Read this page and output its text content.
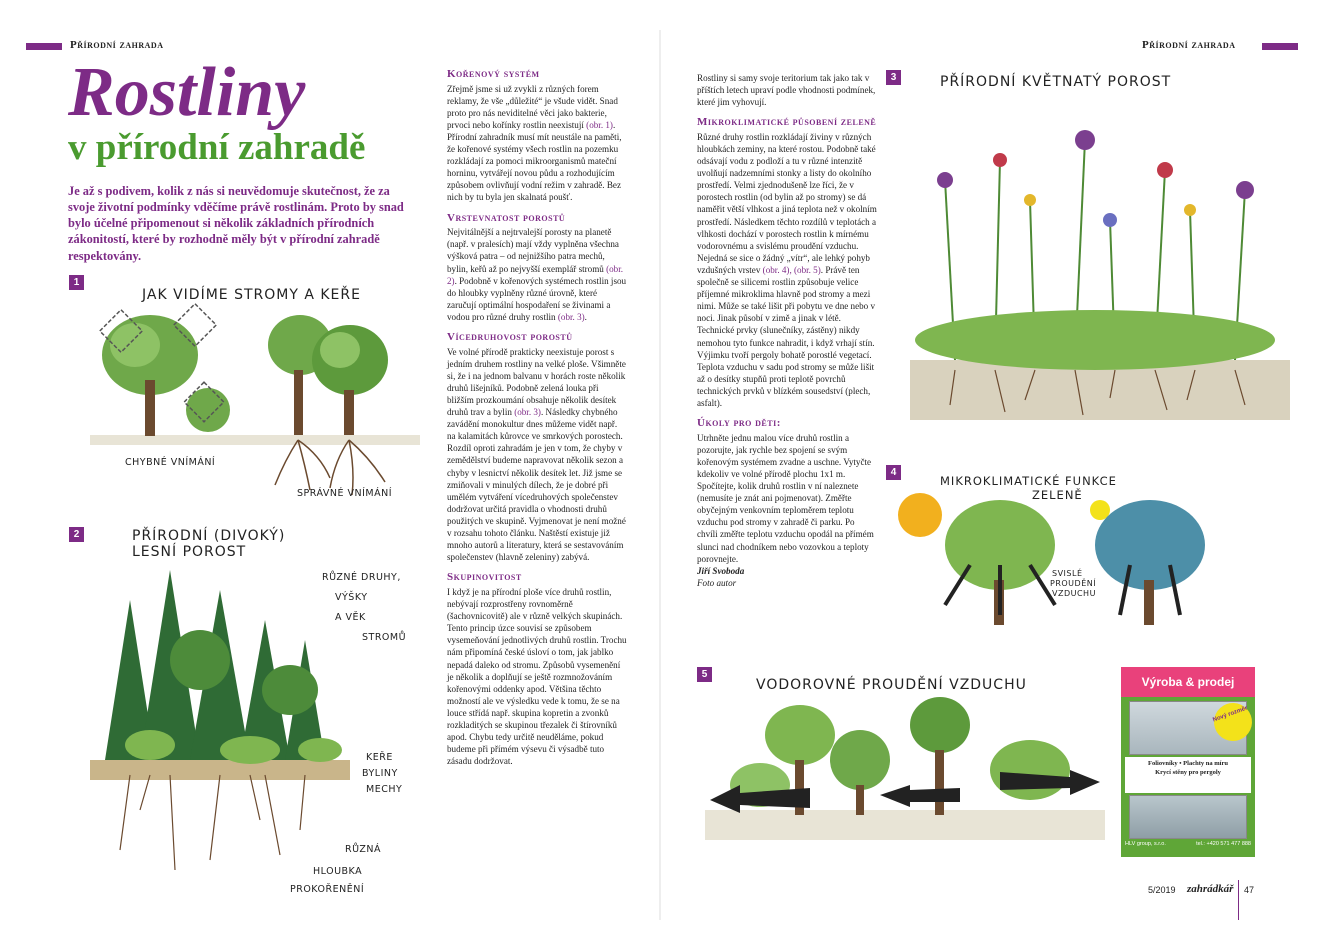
Přírodní zahrada	Přírodní zahrada
Rostliny
v přírodní zahradě
Je až s podivem, kolik z nás si neuvědomuje skutečnost, že za svoje životní podmínky vděčíme právě rostlinám. Proto by snad bylo účelné připomenout si několik základních přírodních zákonitostí, které by rozhodně měly být v přírodní zahradě respektovány.
1
JAK VIDÍME STROMY A KEŘE
CHYBNÉ VNÍMÁNÍ
SPRÁVNÉ VNÍMÁNÍ
2	PŘÍRODNÍ (DIVOKÝ)
LESNÍ POROST
RŮZNÉ DRUHY,
VÝŠKY
A VĚK
STROMŮ
KEŘE
BYLINY
MECHY
RŮZNÁ
HLOUBKA
PROKOŘENĚNÍ
Kořenový systém

Zřejmě jsme si už zvykli z různých forem reklamy, že vše „důležité“ je všude vidět. Snad proto pro nás neviditelné věci jako bakterie, prvoci nebo kořínky rostlin neexistují (obr. 1). Přírodní zahradník musí mít neustále na paměti, že kořenové systémy všech rostlin na pozemku rozkládají za pomoci mikroorganismů mateční horninu, vytvářejí novou půdu a rozhodujícím způsobem ovlivňují vodní režim v zahradě. Bez nich by tu byla jen skalnatá poušť.

Vrstevnatost porostů

Nejvitálnější a nejtrvalejší porosty na planetě (např. v pralesích) mají vždy vyplněna všechna výšková patra – od nejnižšího patra mechů, bylin, keřů až po nejvyšší exemplář stromů (obr. 2). Podobně v kořenových systémech rostlin jsou do hloubky vyplněny různé úrovně, které zaručují optimální hospodaření se živinami a vodou pro různé druhy rostlin (obr. 3).

Vícedruhovost porostů

Ve volné přírodě prakticky neexistuje porost s jedním druhem rostliny na velké ploše. Všimněte si, že i na jednom balvanu v horách roste několik druhů lišejníků. Podobně zelená louka při bližším prozkoumání obsahuje několik desítek druhů trav a bylin (obr. 3). Následky chybného zavádění monokultur dnes můžeme vidět např. na kalamitách kůrovce ve smrkových porostech. Rozdíl oproti zahradám je jen v tom, že chyby v zemědělství budeme napravovat několik sezon a chyby v lesnictví několik desítek let. Již jsme se zmiňovali v minulých dílech, že je dobré při umělém vytváření vícedruhových společenstev dodržovat určitá pravidla o vhodnosti druhů použitých ve skupině. Vyjmenovat je není možné v rozsahu tohoto článku. Naštěstí existuje již mnoho autorů a literatury, která se sestavováním společenstev (hlavně zeleniny) zabývá.

Skupinovitost

I když je na přírodní ploše více druhů rostlin, nebývají rozprostřeny rovnoměrně (šachovnicovitě) ale v různě velkých skupinách. Tento princip úzce souvisí se způsobem vysemeňování jednotlivých druhů rostlin. Trochu nám připomíná české úsloví o tom, jak jablko nepadá daleko od stromu. Způsobů vysemenění je několik a doplňují se ještě rozmnožováním kořenovými oddenky apod. Většina těchto možností ale ve výsledku vede k tomu, že se na louce střídá např. skupina kopretin a zvonků rozkladitých se skupinou třezalek či štírovníků apod. Chybu tedy určitě neuděláme, pokud budeme při přímém výsevu či výsadbě tuto zásadu dodržovat.

Rostliny si samy svoje teritorium tak jako tak v příštích letech upraví podle vhodnosti podmínek, které jim vyhovují.

Mikroklimatické působení zeleně

Různé druhy rostlin rozkládají živiny v různých hloubkách zeminy, na které rostou. Podobně také odsávají vodu z podloží a tu v různé intenzitě uvolňují nadzemními stonky a listy do okolního prostředí. Velmi zjednodušeně lze říci, že v porostech rostlin (od bylin až po stromy) se dá naměřit větší vlhkost a jiná teplota než v okolním prostředí. Následkem těchto rozdílů v teplotách a vlhkosti dochází v porostech rostlin k mírnému vodorovnému a svislému proudění vzduchu. Nejedná se sice o žádný „vítr“, ale lehký pohyb vzdušných vrstev (obr. 4), (obr. 5). Právě ten společně se silicemi rostlin způsobuje velice příjemné mikroklima hlavně pod stromy a mezi nimi. Může se také lišit při pobytu ve dne nebo v noci. Jinak působí v zimě a jinak v létě. Technické prvky (slunečníky, zástěny) nikdy nemohou tyto funkce nahradit, i když vrhají stín. Výjimku tvoří pergoly bohatě porostlé vegetací. Teplota vzduchu v sadu pod stromy se může lišit až o desítky stupňů proti teplotě povrchů technických prvků v blízkém sousedství (plech, asfalt).

Úkoly pro děti:

Utrhněte jednu malou více druhů rostlin a pozorujte, jak rychle bez spojení se svým kořenovým systémem zvadne a uschne. Vytyčte kdekoliv ve volné přírodě plochu 1x1 m. Spočítejte, kolik druhů rostlin v ní naleznete (nemusíte je znát ani pojmenovat). Změřte obyčejným venkovním teploměrem teplotu vzduchu pod stromy v zahradě či parku. Po chvíli změřte teplotu vzduchu opodál na přímém slunci nad chodníkem nebo vozovkou a teploty porovnejte.

Jiří Svoboda

Foto autor

3	PŘÍRODNÍ KVĚTNATÝ POROST
4
MIKROKLIMATICKÉ FUNKCE
ZELENĚ
SVISLÉ
PROUDĚNÍ
VZDUCHU
5
VODOROVNÉ PROUDĚNÍ VZDUCHU	Výroba & prodej
Nový rozměr
Foliovníky • Plachty na míru
Krycí stěny pro pergoly
HLV group, s.r.o.	tel.: +420 571 477 888
5/2019 zahrádkář 47
